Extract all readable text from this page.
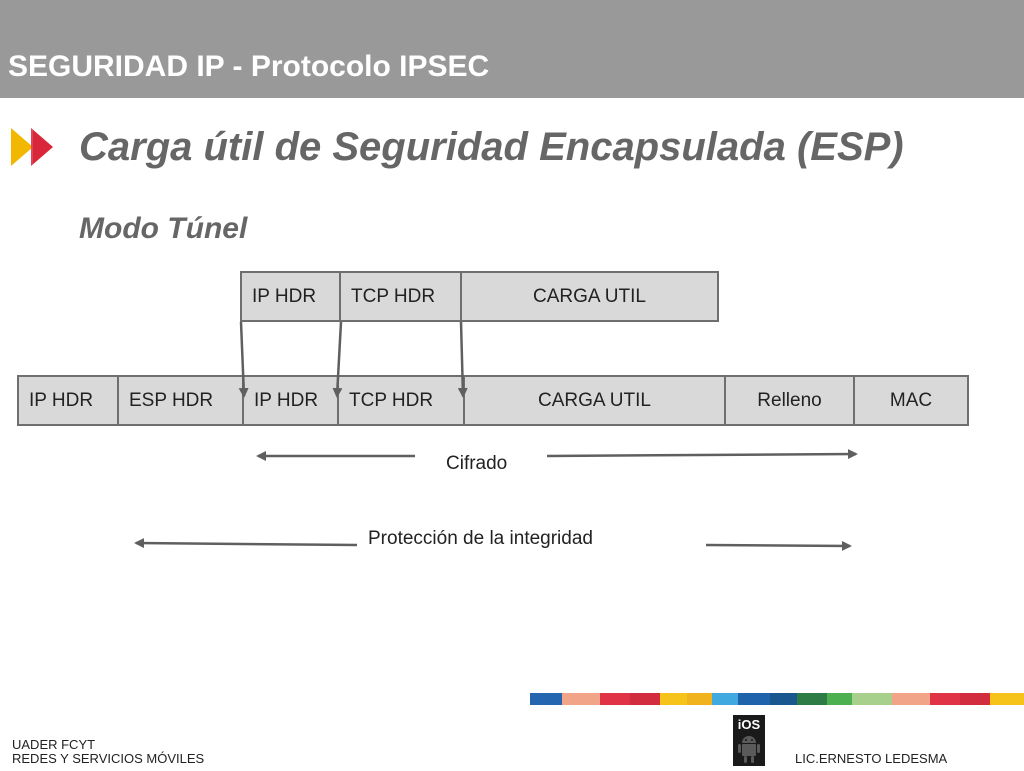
SEGURIDAD IP - Protocolo IPSEC
Carga útil de Seguridad Encapsulada (ESP)
Modo Túnel
IP HDR	TCP HDR	CARGA UTIL
IP HDR	ESP HDR	IP HDR	TCP HDR	CARGA UTIL	Relleno	MAC
Cifrado
Protección de la integridad
iOS
UADER FCYT
REDES Y SERVICIOS MÓVILES	LIC.ERNESTO LEDESMA
